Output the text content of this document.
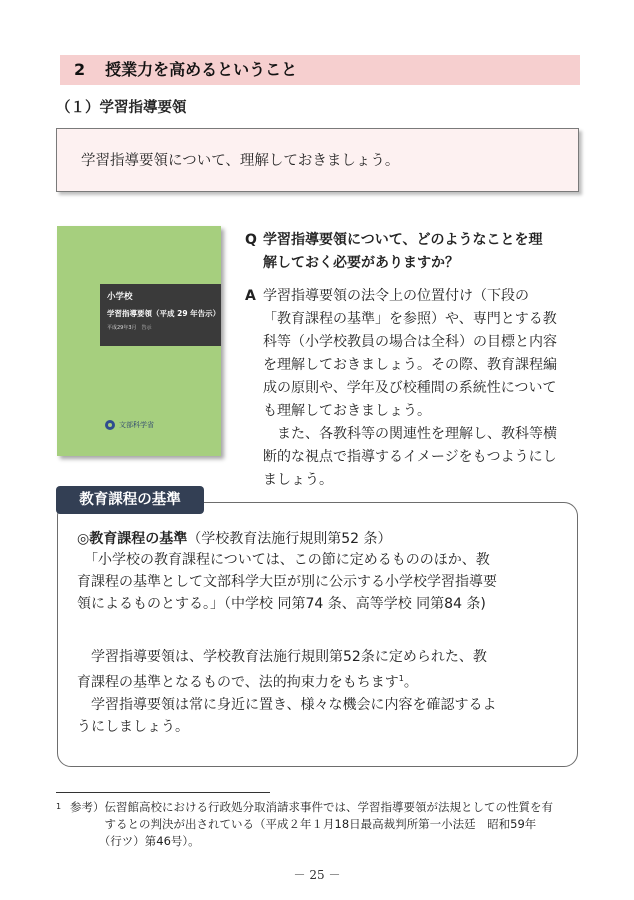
2 授業力を高めるということ
（１）学習指導要領
学習指導要領について、理解しておきましょう。
小学校
学習指導要領（平成 29 年告示）
平成29年3月　告示
文部科学省
Q 学習指導要領について、どのようなことを理
解しておく必要がありますか？
A 学習指導要領の法令上の位置付け（下段の
「教育課程の基準」を参照）や、専門とする教
科等（小学校教員の場合は全科）の目標と内容
を理解しておきましょう。その際、教育課程編
成の原則や、学年及び校種間の系統性について
も理解しておきましょう。
　また、各教科等の関連性を理解し、教科等横
断的な視点で指導するイメージをもつようにし
ましょう。
教育課程の基準
◎教育課程の基準（学校教育法施行規則第52 条）
　「小学校の教育課程については、この節に定めるもののほか、教
育課程の基準として文部科学大臣が別に公示する小学校学習指導要
領によるものとする。」（中学校 同第74 条、高等学校 同第84 条)
　学習指導要領は、学校教育法施行規則第52条に定められた、教
育課程の基準となるもので、法的拘束力をもちます$^1$。
　学習指導要領は常に身近に置き、様々な機会に内容を確認するよ
うにしましょう。
1 参考）伝習館高校における行政処分取消請求事件では、学習指導要領が法規としての性質を有
　　　するとの判決が出されている（平成２年１月18日最高裁判所第一小法廷　昭和59年
　　　（行ツ）第46号）。
－ 25 －
